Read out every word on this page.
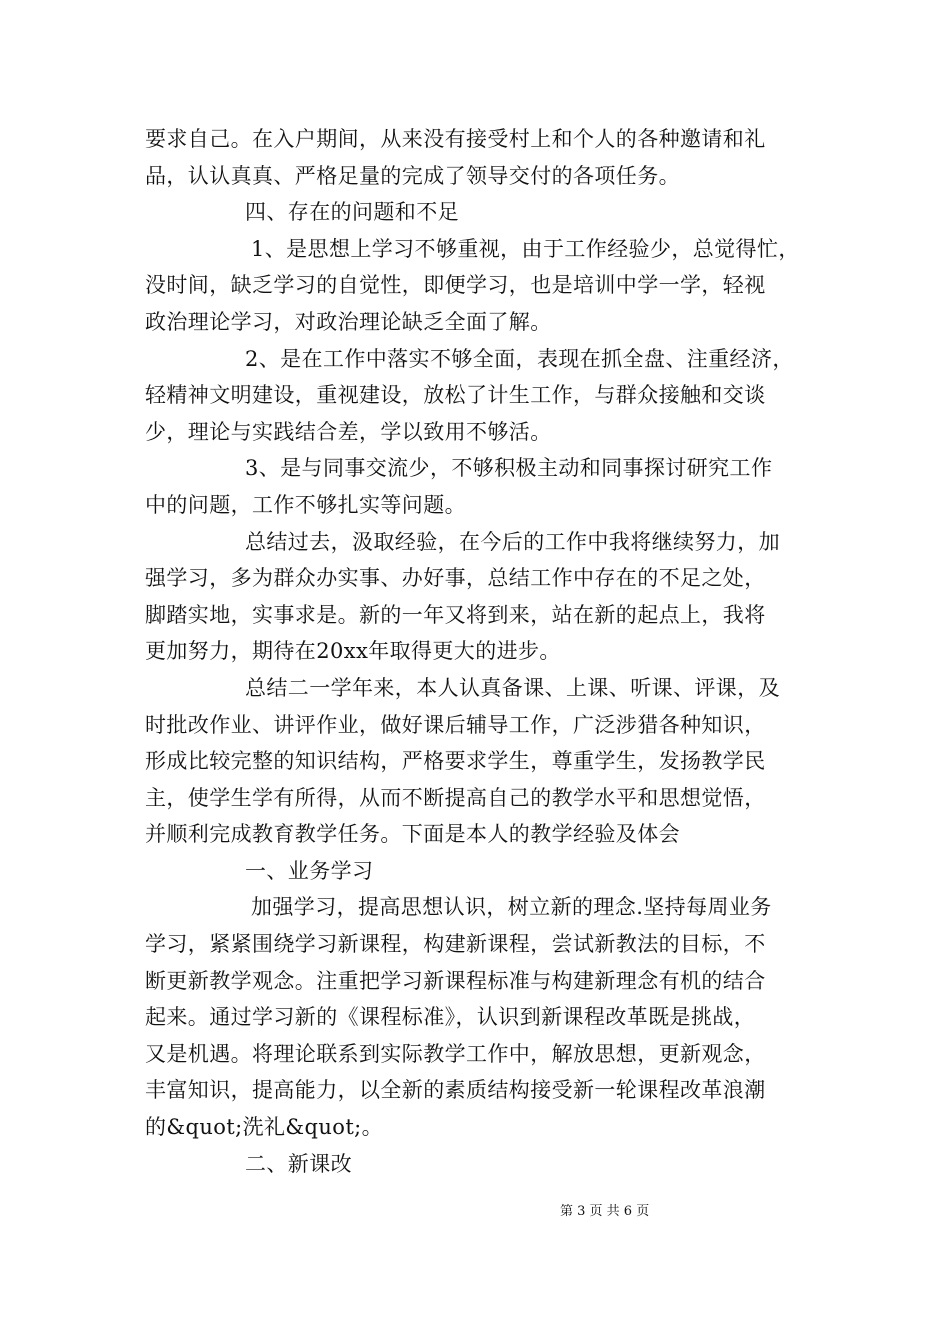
要求自己。在入户期间，从来没有接受村上和个人的各种邀请和礼
品，认认真真、严格足量的完成了领导交付的各项任务。
四、存在的问题和不足
1、是思想上学习不够重视，由于工作经验少，总觉得忙，
没时间，缺乏学习的自觉性，即便学习，也是培训中学一学，轻视
政治理论学习，对政治理论缺乏全面了解。
2、是在工作中落实不够全面，表现在抓全盘、注重经济，
轻精神文明建设，重视建设，放松了计生工作，与群众接触和交谈
少，理论与实践结合差，学以致用不够活。
3、是与同事交流少，不够积极主动和同事探讨研究工作
中的问题，工作不够扎实等问题。
总结过去，汲取经验，在今后的工作中我将继续努力，加
强学习，多为群众办实事、办好事，总结工作中存在的不足之处，
脚踏实地，实事求是。新的一年又将到来，站在新的起点上，我将
更加努力，期待在20xx年取得更大的进步。
总结二一学年来，本人认真备课、上课、听课、评课，及
时批改作业、讲评作业，做好课后辅导工作，广泛涉猎各种知识，
形成比较完整的知识结构，严格要求学生，尊重学生，发扬教学民
主，使学生学有所得，从而不断提高自己的教学水平和思想觉悟，
并顺利完成教育教学任务。下面是本人的教学经验及体会
一、业务学习
加强学习，提高思想认识，树立新的理念.坚持每周业务
学习，紧紧围绕学习新课程，构建新课程，尝试新教法的目标，不
断更新教学观念。注重把学习新课程标准与构建新理念有机的结合
起来。通过学习新的《课程标准》，认识到新课程改革既是挑战，
又是机遇。将理论联系到实际教学工作中，解放思想，更新观念，
丰富知识，提高能力，以全新的素质结构接受新一轮课程改革浪潮
的&quot;洗礼&quot;。
二、新课改
第 3 页 共 6 页
